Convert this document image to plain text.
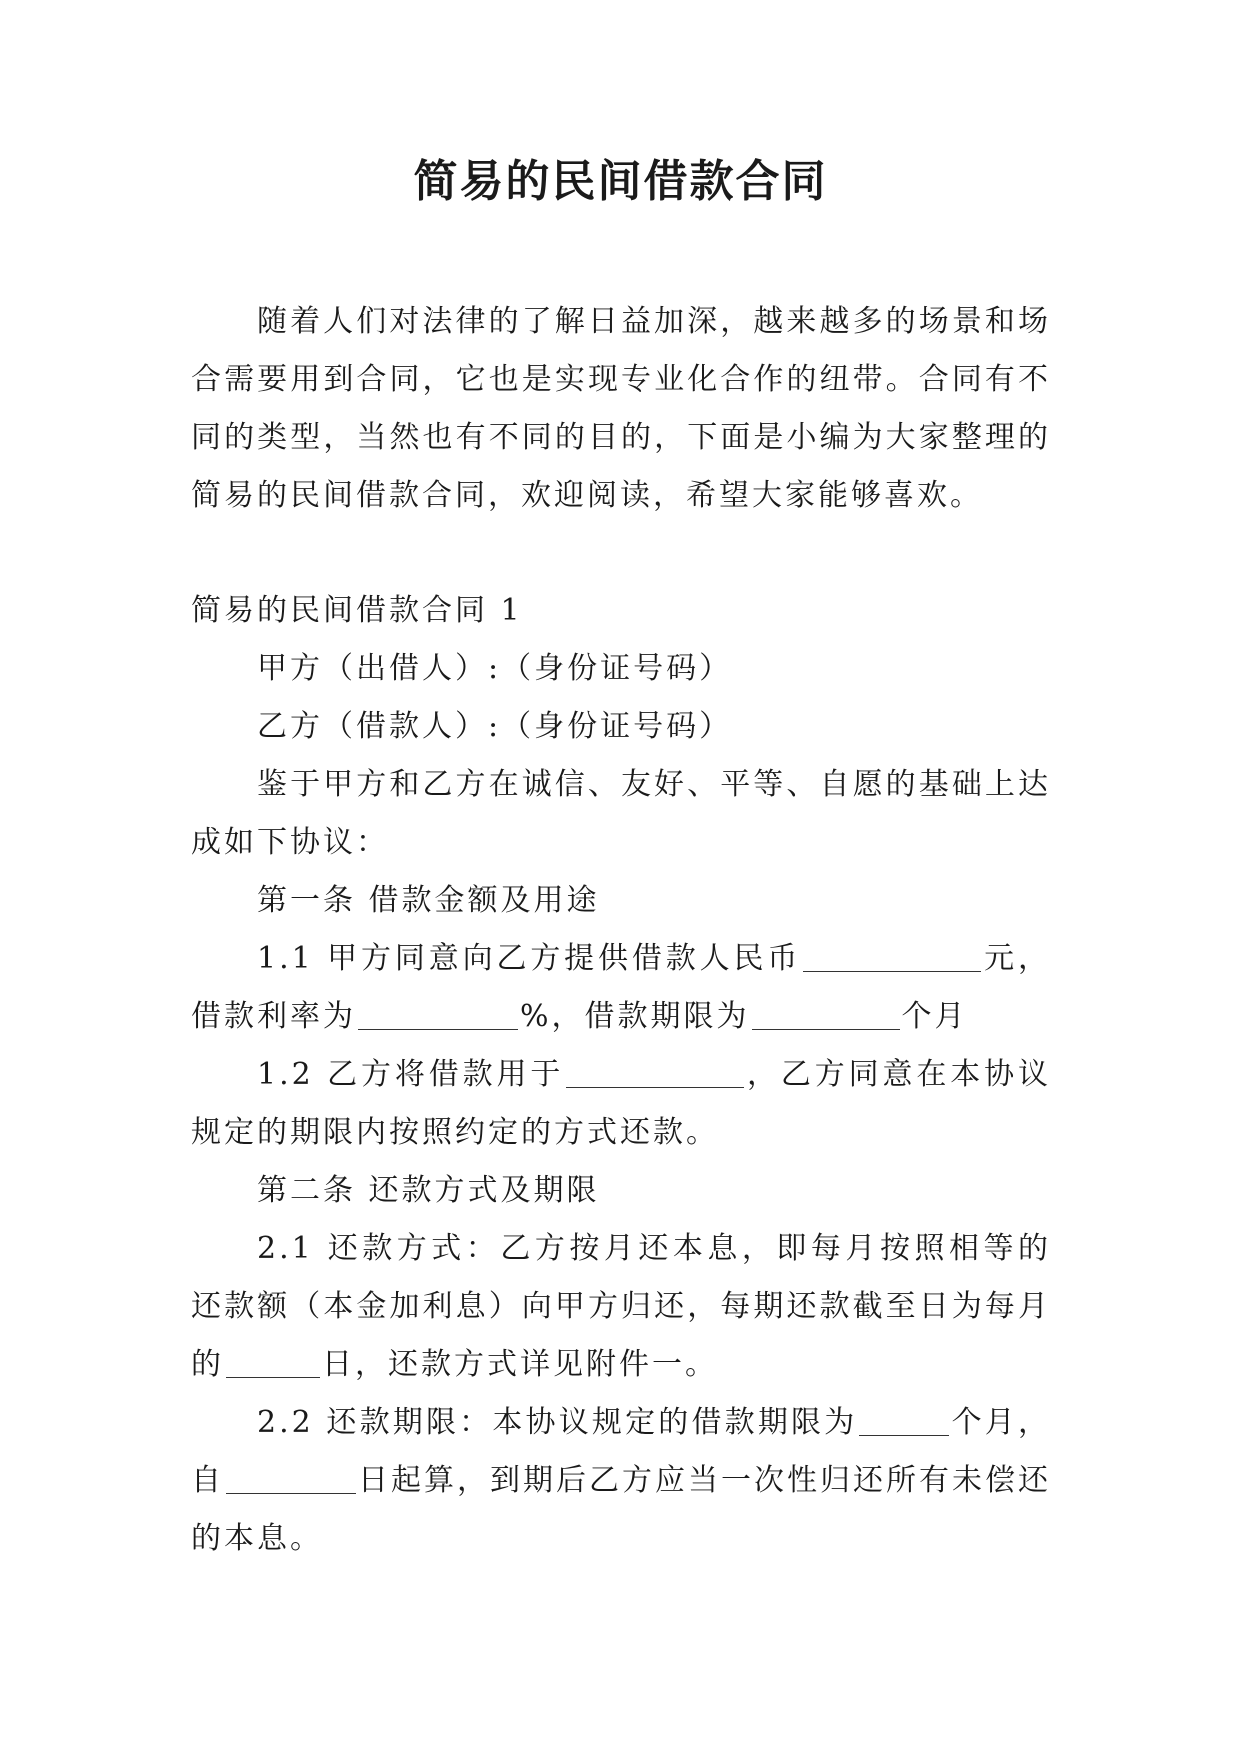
简易的民间借款合同

随着人们对法律的了解日益加深，越来越多的场景和场合需要用到合同，它也是实现专业化合作的纽带。合同有不同的类型，当然也有不同的目的，下面是小编为大家整理的简易的民间借款合同，欢迎阅读，希望大家能够喜欢。

简易的民间借款合同 1

甲方（出借人）:（身份证号码）

乙方（借款人）:（身份证号码）

鉴于甲方和乙方在诚信、友好、平等、自愿的基础上达成如下协议：

第一条 借款金额及用途

1.1 甲方同意向乙方提供借款人民币	元，借款利率为	%，借款期限为	个月

1.2 乙方将借款用于	，乙方同意在本协议规定的期限内按照约定的方式还款。

第二条 还款方式及期限

2.1 还款方式：乙方按月还本息，即每月按照相等的还款额（本金加利息）向甲方归还，每期还款截至日为每月的	日，还款方式详见附件一。

2.2 还款期限：本协议规定的借款期限为	个月，自	日起算，到期后乙方应当一次性归还所有未偿还的本息。
